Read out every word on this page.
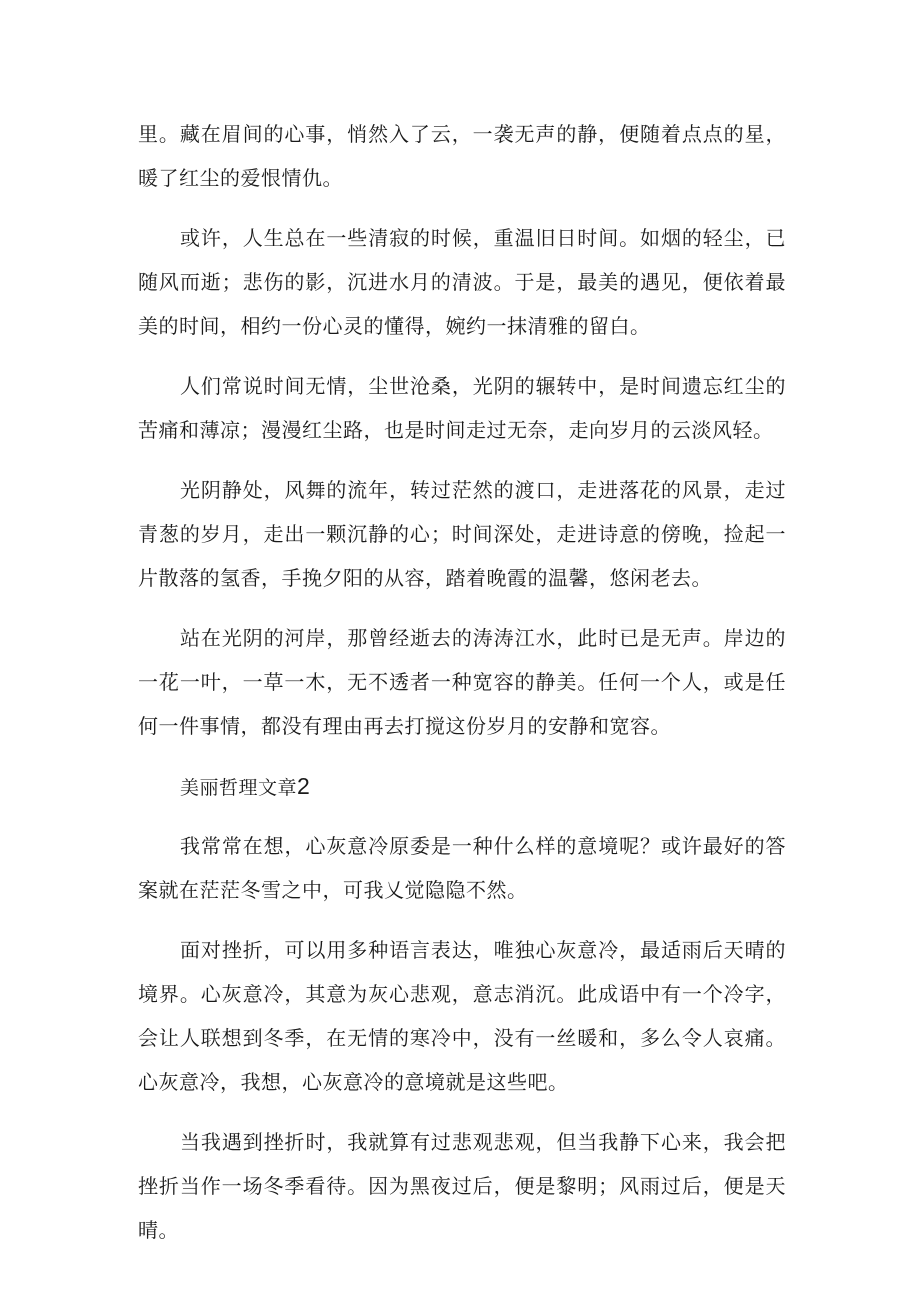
里。藏在眉间的心事，悄然入了云，一袭无声的静，便随着点点的星，暖了红尘的爱恨情仇。

或许，人生总在一些清寂的时候，重温旧日时间。如烟的轻尘，已随风而逝；悲伤的影，沉进水月的清波。于是，最美的遇见，便依着最美的时间，相约一份心灵的懂得，婉约一抹清雅的留白。

人们常说时间无情，尘世沧桑，光阴的辗转中，是时间遗忘红尘的苦痛和薄凉；漫漫红尘路，也是时间走过无奈，走向岁月的云淡风轻。

光阴静处，风舞的流年，转过茫然的渡口，走进落花的风景，走过青葱的岁月，走出一颗沉静的心；时间深处，走进诗意的傍晚，捡起一片散落的氢香，手挽夕阳的从容，踏着晚霞的温馨，悠闲老去。

站在光阴的河岸，那曾经逝去的涛涛江水，此时已是无声。岸边的一花一叶，一草一木，无不透者一种宽容的静美。任何一个人，或是任何一件事情，都没有理由再去打搅这份岁月的安静和宽容。

美丽哲理文章2

我常常在想，心灰意冷原委是一种什么样的意境呢？或许最好的答案就在茫茫冬雪之中，可我乂觉隐隐不然。

面对挫折，可以用多种语言表达，唯独心灰意冷，最适雨后天晴的境界。心灰意冷，其意为灰心悲观，意志消沉。此成语中有一个冷字，会让人联想到冬季，在无情的寒冷中，没有一丝暖和，多么令人哀痛。心灰意冷，我想，心灰意冷的意境就是这些吧。

当我遇到挫折时，我就算有过悲观悲观，但当我静下心来，我会把挫折当作一场冬季看待。因为黑夜过后，便是黎明；风雨过后，便是天晴。
